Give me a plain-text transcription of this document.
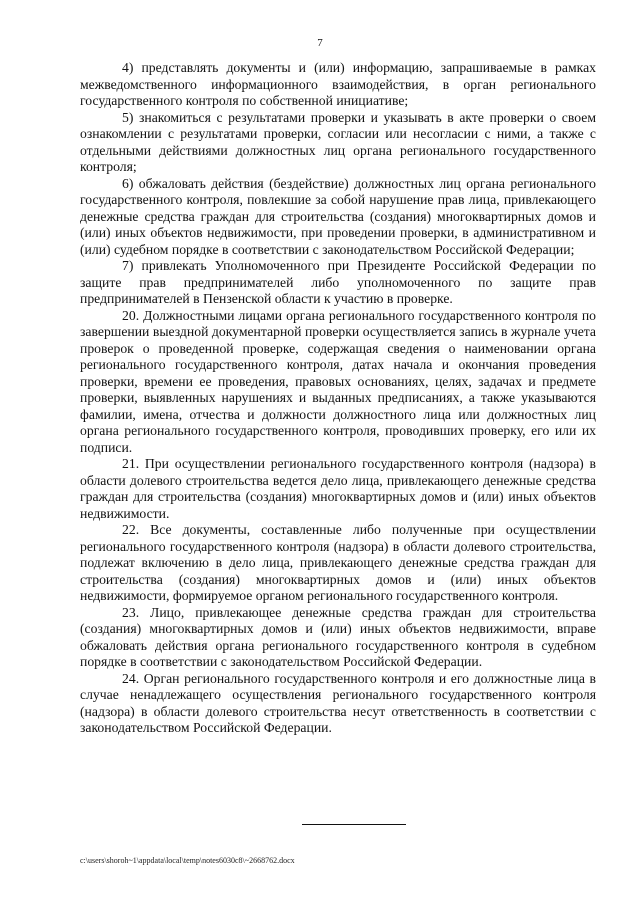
7

4) представлять документы и (или) информацию, запрашиваемые в рамках межведомственного информационного взаимодействия, в орган регионального государственного контроля по собственной инициативе;

5) знакомиться с результатами проверки и указывать в акте проверки о своем ознакомлении с результатами проверки, согласии или несогласии с ними, а также с отдельными действиями должностных лиц органа регионального государственного контроля;

6) обжаловать действия (бездействие) должностных лиц органа регионального государственного контроля, повлекшие за собой нарушение прав лица, привлекающего денежные средства граждан для строительства (создания) многоквартирных домов и (или) иных объектов недвижимости, при проведении проверки, в административном и (или) судебном порядке в соответствии с законодательством Российской Федерации;

7) привлекать Уполномоченного при Президенте Российской Федерации по защите прав предпринимателей либо уполномоченного по защите прав предпринимателей в Пензенской области к участию в проверке.

20. Должностными лицами органа регионального государственного контроля по завершении выездной документарной проверки осуществляется запись в журнале учета проверок о проведенной проверке, содержащая сведения о наименовании органа регионального государственного контроля, датах начала и окончания проведения проверки, времени ее проведения, правовых основаниях, целях, задачах и предмете проверки, выявленных нарушениях и выданных предписаниях, а также указываются фамилии, имена, отчества и должности должностного лица или должностных лиц органа регионального государственного контроля, проводивших проверку, его или их подписи.

21. При осуществлении регионального государственного контроля (надзора) в области долевого строительства ведется дело лица, привлекающего денежные средства граждан для строительства (создания) многоквартирных домов и (или) иных объектов недвижимости.

22. Все документы, составленные либо полученные при осуществлении регионального государственного контроля (надзора) в области долевого строительства, подлежат включению в дело лица, привлекающего денежные средства граждан для строительства (создания) многоквартирных домов и (или) иных объектов недвижимости, формируемое органом регионального государственного контроля.

23. Лицо, привлекающее денежные средства граждан для строительства (создания) многоквартирных домов и (или) иных объектов недвижимости, вправе обжаловать действия органа регионального государственного контроля в судебном порядке в соответствии с законодательством Российской Федерации.

24. Орган регионального государственного контроля и его должностные лица в случае ненадлежащего осуществления регионального государственного контроля (надзора) в области долевого строительства несут ответственность в соответствии с законодательством Российской Федерации.

c:\users\shoroh~1\appdata\local\temp\notes6030c8\~2668762.docx
